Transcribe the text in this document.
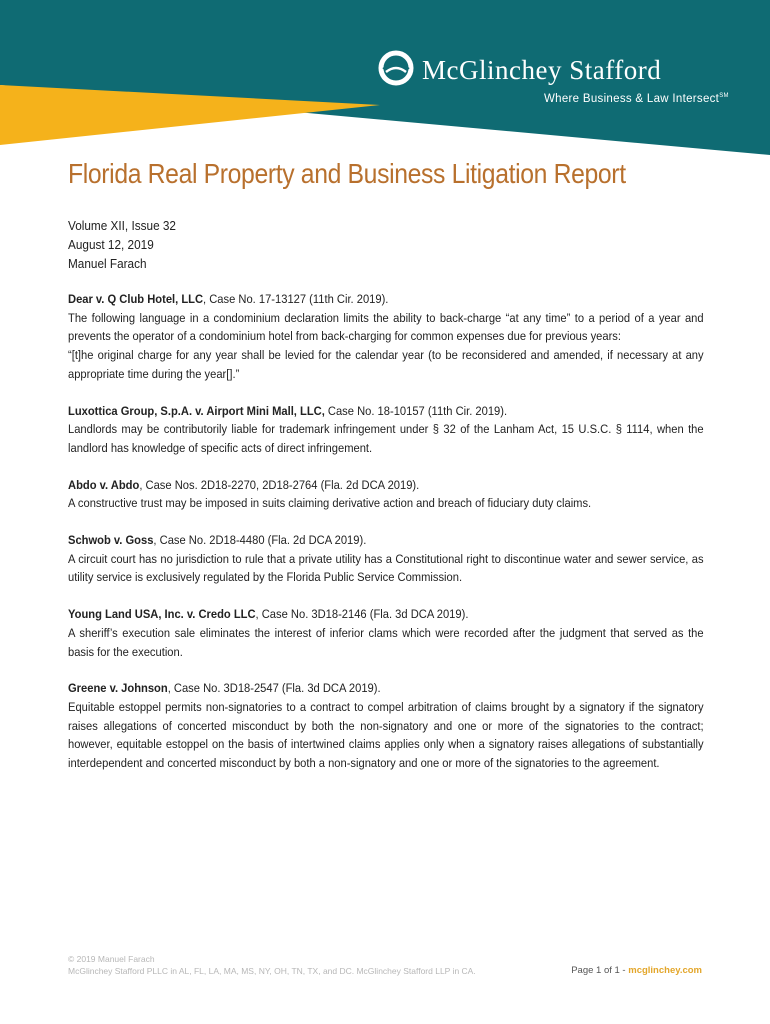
McGlinchey Stafford
Where Business & Law Intersect℠
Florida Real Property and Business Litigation Report
Volume XII, Issue 32
August 12, 2019
Manuel Farach
Dear v. Q Club Hotel, LLC, Case No. 17-13127 (11th Cir. 2019).
The following language in a condominium declaration limits the ability to back-charge “at any time” to a period of a year and prevents the operator of a condominium hotel from back-charging for common expenses due for previous years:
“[t]he original charge for any year shall be levied for the calendar year (to be reconsidered and amended, if necessary at any appropriate time during the year[].”
Luxottica Group, S.p.A. v. Airport Mini Mall, LLC, Case No. 18-10157 (11th Cir. 2019).
Landlords may be contributorily liable for trademark infringement under § 32 of the Lanham Act, 15 U.S.C. § 1114, when the landlord has knowledge of specific acts of direct infringement.
Abdo v. Abdo, Case Nos. 2D18-2270, 2D18-2764 (Fla. 2d DCA 2019).
A constructive trust may be imposed in suits claiming derivative action and breach of fiduciary duty claims.
Schwob v. Goss, Case No. 2D18-4480 (Fla. 2d DCA 2019).
A circuit court has no jurisdiction to rule that a private utility has a Constitutional right to discontinue water and sewer service, as utility service is exclusively regulated by the Florida Public Service Commission.
Young Land USA, Inc. v. Credo LLC, Case No. 3D18-2146 (Fla. 3d DCA 2019).
A sheriff’s execution sale eliminates the interest of inferior clams which were recorded after the judgment that served as the basis for the execution.
Greene v. Johnson, Case No. 3D18-2547 (Fla. 3d DCA 2019).
Equitable estoppel permits non-signatories to a contract to compel arbitration of claims brought by a signatory if the signatory raises allegations of concerted misconduct by both the non-signatory and one or more of the signatories to the contract; however, equitable estoppel on the basis of intertwined claims applies only when a signatory raises allegations of substantially interdependent and concerted misconduct by both a non-signatory and one or more of the signatories to the agreement.
© 2019 Manuel Farach
McGlinchey Stafford PLLC in AL, FL, LA, MA, MS, NY, OH, TN, TX, and DC. McGlinchey Stafford LLP in CA.	Page 1 of 1 - mcglinchey.com
